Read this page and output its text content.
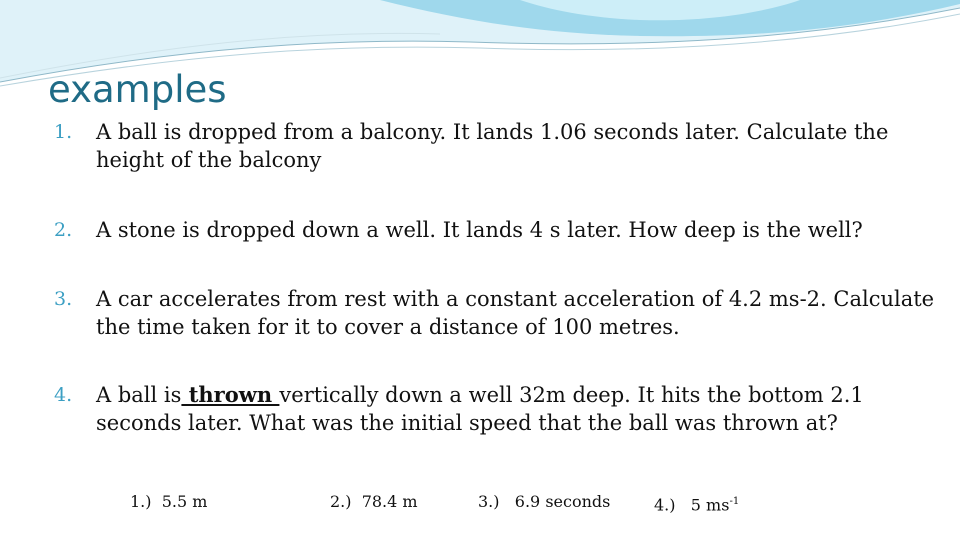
examples
1. A ball is dropped from a balcony. It lands 1.06 seconds later. Calculate the height of the balcony
2. A stone is dropped down a well. It lands 4 s later. How deep is the well?
3. A car accelerates from rest with a constant acceleration of 4.2 ms-2. Calculate the time taken for it to cover a distance of 100 metres.
4. A ball is thrown vertically down a well 32m deep. It hits the bottom 2.1 seconds later. What was the initial speed that the ball was thrown at?
1.) 5.5 m	2.) 78.4 m	3.) 6.9 seconds	4.) 5 $ms^{-1}$
